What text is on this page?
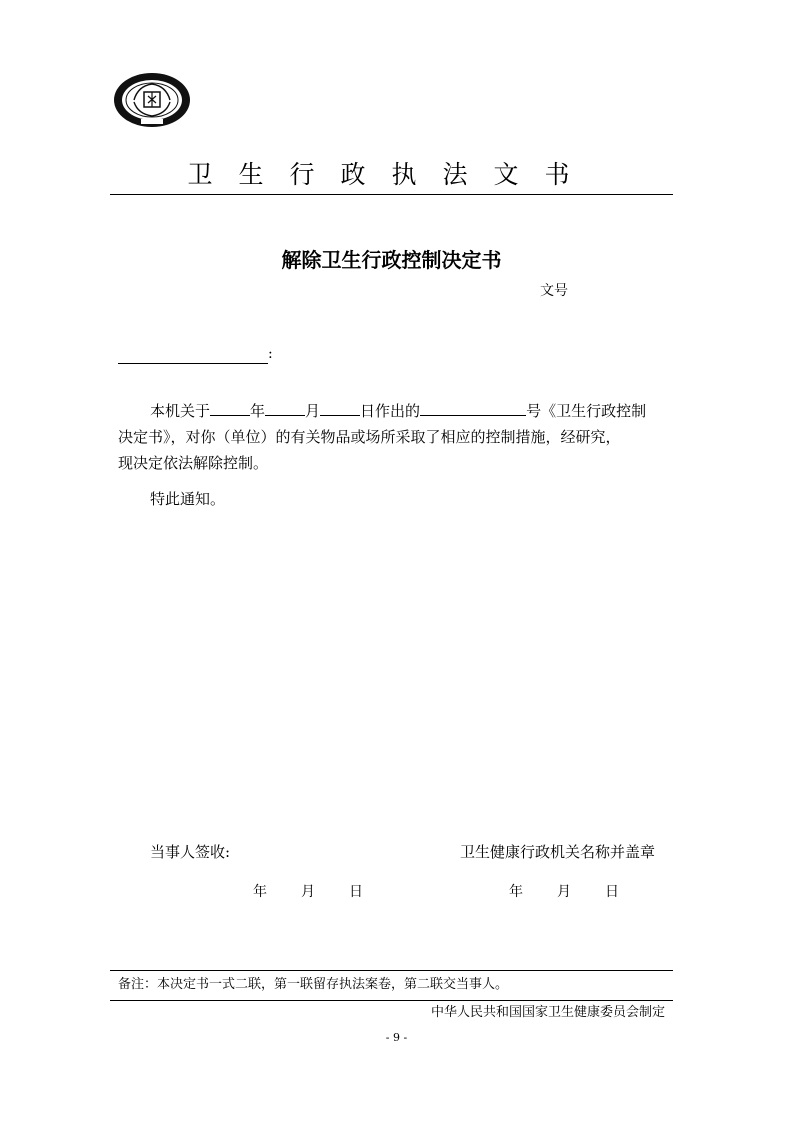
卫生行政执法文书
解除卫生行政控制决定书
文号
:

本机关于	年	月	日作出的	号《卫生行政控制

决定书》，对你（单位）的有关物品或场所采取了相应的控制措施，经研究，

现决定依法解除控制。

特此通知。
当事人签收:	卫生健康行政机关名称并盖章
年 月 日	年 月 日
备注：本决定书一式二联，第一联留存执法案卷，第二联交当事人。
中华人民共和国国家卫生健康委员会制定
- 9 -
